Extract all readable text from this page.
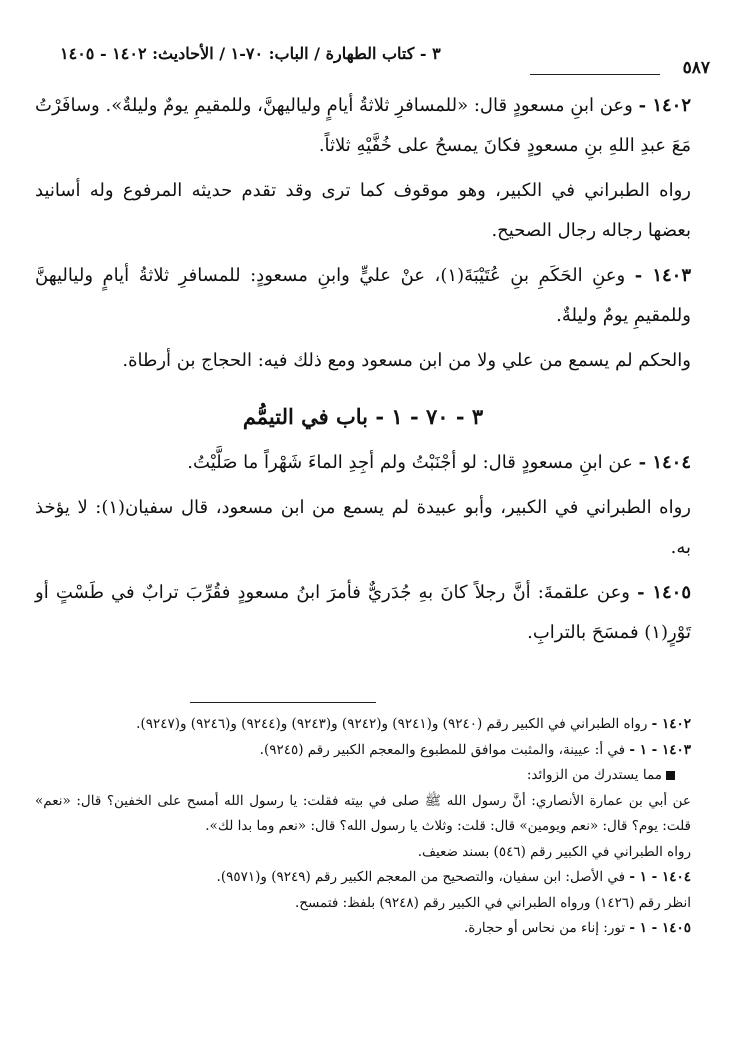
٥٨٧
٣ - كتاب الطهارة / الباب: ٧٠-١ / الأحاديث: ١٤٠٢ - ١٤٠٥

١٤٠٢ - وعن ابنِ مسعودٍ قال: «للمسافرِ ثلاثةُ أيامٍ ولياليهنَّ، وللمقيمِ يومٌ وليلةٌ». وسافَرْتُ مَعَ عبدِ اللهِ بنِ مسعودٍ فكانَ يمسحُ على خُفَّيْهِ ثلاثاً.

رواه الطبراني في الكبير، وهو موقوف كما ترى وقد تقدم حديثه المرفوع وله أسانيد بعضها رجاله رجال الصحيح.

١٤٠٣ - وعنِ الحَكَمِ بنِ عُتَيْبَةَ(١)، عنْ عليٍّ وابنِ مسعودٍ: للمسافرِ ثلاثةُ أيامٍ ولياليهنَّ وللمقيمِ يومٌ وليلةٌ.

والحكم لم يسمع من علي ولا من ابن مسعود ومع ذلك فيه: الحجاج بن أرطاة.

٣ - ٧٠ - ١ - باب في التيمُّم

١٤٠٤ - عن ابنِ مسعودٍ قال: لو أجْنَبْتُ ولم أجِدِ الماءَ شَهْراً ما صَلَّيْتُ.

رواه الطبراني في الكبير، وأبو عبيدة لم يسمع من ابن مسعود، قال سفيان(١): لا يؤخذ به.

١٤٠٥ - وعن علقمةَ: أنَّ رجلاً كانَ بهِ جُدَريٌّ فأمرَ ابنُ مسعودٍ فقُرِّبَ ترابٌ في طَسْتٍ أو تَوْرٍ(١) فمسَحَ بالترابِ.

١٤٠٢ - رواه الطبراني في الكبير رقم (٩٢٤٠) و(٩٢٤١) و(٩٢٤٢) و(٩٢٤٣) و(٩٢٤٤) و(٩٢٤٦) و(٩٢٤٧).

١٤٠٣ - ١ - في أ: عيينة، والمثبت موافق للمطبوع والمعجم الكبير رقم (٩٢٤٥).

مما يستدرك من الزوائد:

عن أبي بن عمارة الأنصاري: أنَّ رسول الله ﷺ صلى في بيته فقلت: يا رسول الله أمسح على الخفين؟ قال: «نعم» قلت: يوم؟ قال: «نعم ويومين» قال: قلت: وثلاث يا رسول الله؟ قال: «نعم وما بدا لك».

رواه الطبراني في الكبير رقم (٥٤٦) بسند ضعيف.

١٤٠٤ - ١ - في الأصل: ابن سفيان، والتصحيح من المعجم الكبير رقم (٩٢٤٩) و(٩٥٧١).

انظر رقم (١٤٢٦) ورواه الطبراني في الكبير رقم (٩٢٤٨) بلفظ: فتمسح.

١٤٠٥ - ١ - تور: إناء من نحاس أو حجارة.
